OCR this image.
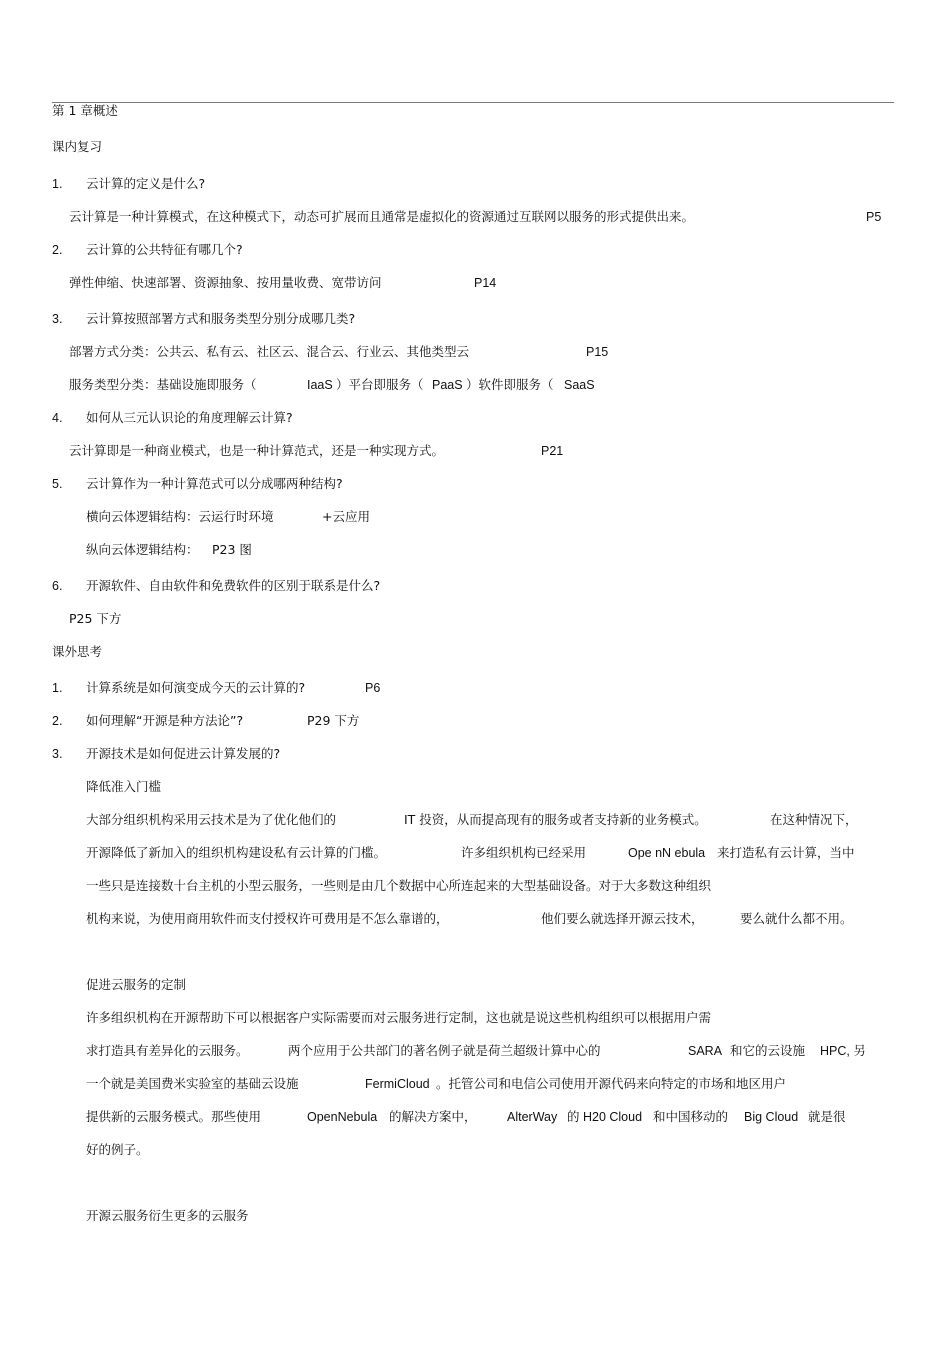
第 1 章概述
课内复习
1. 云计算的定义是什么?
云计算是一种计算模式，在这种模式下，动态可扩展而且通常是虚拟化的资源通过互联网以服务的形式提供出来。	P5
2. 云计算的公共特征有哪几个?
弹性伸缩、快速部署、资源抽象、按用量收费、宽带访问	P14
3. 云计算按照部署方式和服务类型分别分成哪几类?
部署方式分类：公共云、私有云、社区云、混合云、行业云、其他类型云	P15
服务类型分类：基础设施即服务（	IaaS ）平台即服务（ PaaS ）软件即服务（ SaaS
4. 如何从三元认识论的角度理解云计算?
云计算即是一种商业模式，也是一种计算范式，还是一种实现方式。	P21
5. 云计算作为一种计算范式可以分成哪两种结构?
横向云体逻辑结构：云运行时环境	+云应用
纵向云体逻辑结构： P23 图
6. 开源软件、自由软件和免费软件的区别于联系是什么?
P25 下方
课外思考
1. 计算系统是如何演变成今天的云计算的?	P6
2. 如何理解“开源是种方法论”?	P29 下方
3. 开源技术是如何促进云计算发展的?
降低准入门槛
大部分组织机构采用云技术是为了优化他们的	IT 投资，从而提高现有的服务或者支持新的业务模式。	在这种情况下，
开源降低了新加入的组织机构建设私有云计算的门槛。	许多组织机构已经采用	Ope nN ebula 来打造私有云计算，当中
一些只是连接数十台主机的小型云服务，一些则是由几个数据中心所连起来的大型基础设备。对于大多数这种组织
机构来说，为使用商用软件而支付授权许可费用是不怎么靠谱的，	他们要么就选择开源云技术，	要么就什么都不用。
促进云服务的定制
许多组织机构在开源帮助下可以根据客户实际需要而对云服务进行定制，这也就是说这些机构组织可以根据用户需
求打造具有差异化的云服务。	两个应用于公共部门的著名例子就是荷兰超级计算中心的	SARA 和它的云设施 HPC, 另
一个就是美国费米实验室的基础云设施	FermiCloud 。托管公司和电信公司使用开源代码来向特定的市场和地区用户
提供新的云服务模式。那些使用	OpenNebula 的解决方案中， AlterWay 的 H20 Cloud 和中国移动的 Big Cloud 就是很
好的例子。
开源云服务衍生更多的云服务
